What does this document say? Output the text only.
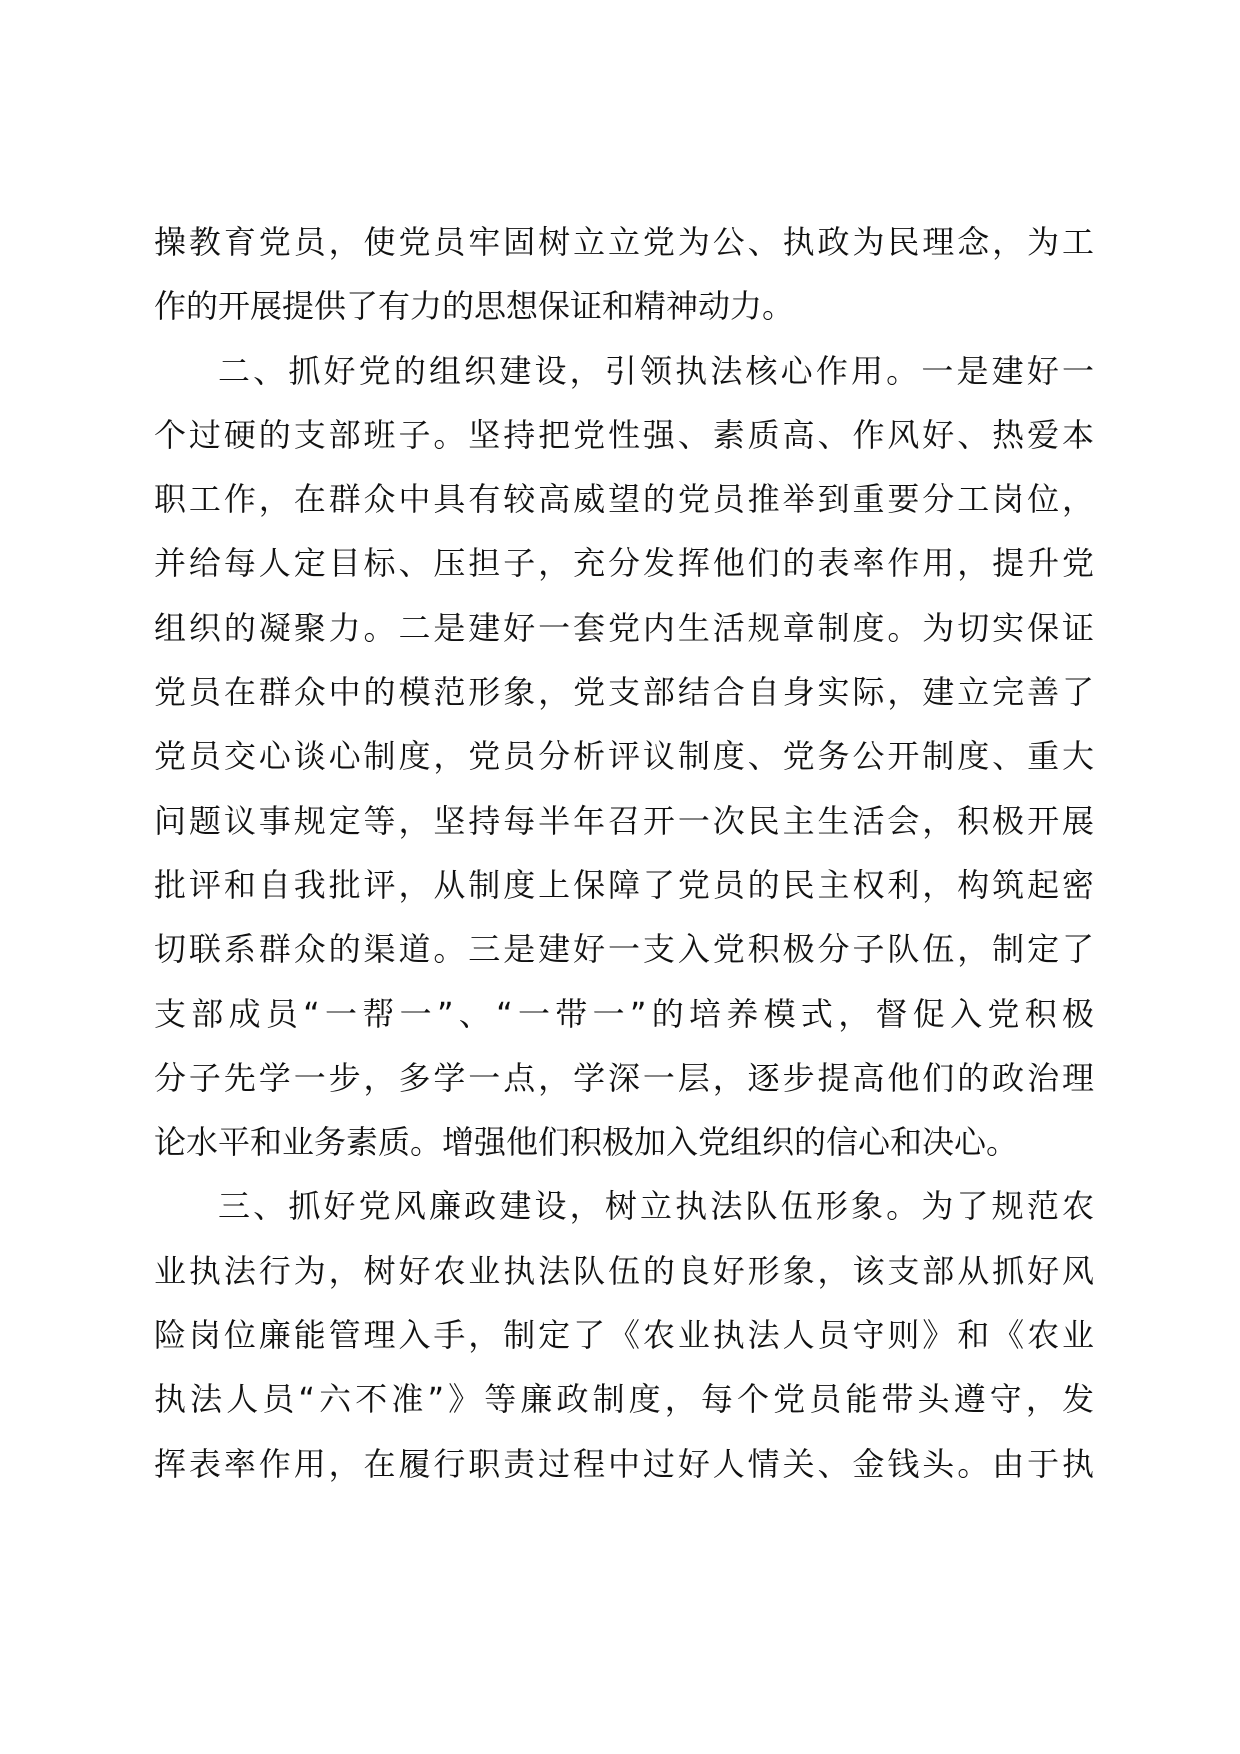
操教育党员，使党员牢固树立立党为公、执政为民理念，为工
作的开展提供了有力的思想保证和精神动力。
二、抓好党的组织建设，引领执法核心作用。一是建好一
个过硬的支部班子。坚持把党性强、素质高、作风好、热爱本
职工作，在群众中具有较高威望的党员推举到重要分工岗位，
并给每人定目标、压担子，充分发挥他们的表率作用，提升党
组织的凝聚力。二是建好一套党内生活规章制度。为切实保证
党员在群众中的模范形象，党支部结合自身实际，建立完善了
党员交心谈心制度，党员分析评议制度、党务公开制度、重大
问题议事规定等，坚持每半年召开一次民主生活会，积极开展
批评和自我批评，从制度上保障了党员的民主权利，构筑起密
切联系群众的渠道。三是建好一支入党积极分子队伍，制定了
支部成员“一帮一”、“一带一”的培养模式，督促入党积极
分子先学一步，多学一点，学深一层，逐步提高他们的政治理
论水平和业务素质。增强他们积极加入党组织的信心和决心。
三、抓好党风廉政建设，树立执法队伍形象。为了规范农
业执法行为，树好农业执法队伍的良好形象，该支部从抓好风
险岗位廉能管理入手，制定了《农业执法人员守则》和《农业
执法人员“六不准”》等廉政制度，每个党员能带头遵守，发
挥表率作用，在履行职责过程中过好人情关、金钱头。由于执
